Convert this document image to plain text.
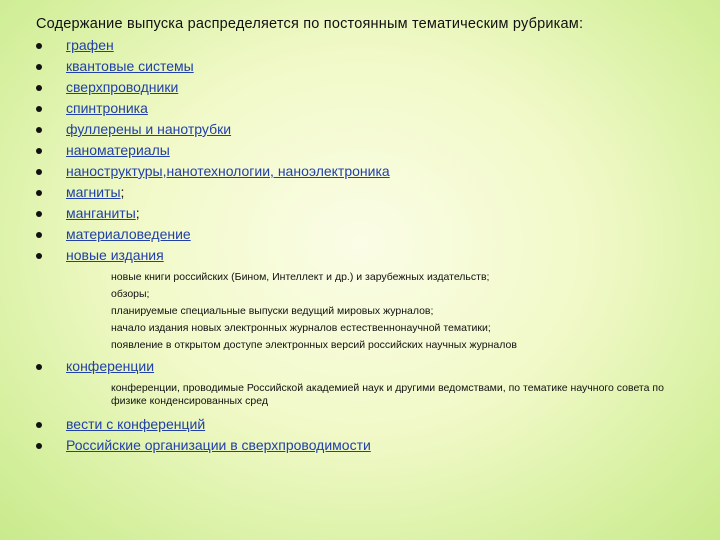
Содержание выпуска распределяется по постоянным тематическим рубрикам:
графен
квантовые системы
сверхпроводники
спинтроника
фуллерены и нанотрубки
наноматериалы
наноструктуры,нанотехнологии, наноэлектроника
магниты;
манганиты;
материаловедение
новые издания
новые книги российских (Бином, Интеллект и др.) и зарубежных издательств;
обзоры;
планируемые специальные выпуски ведущий мировых журналов;
начало издания новых электронных журналов естественнонаучной тематики;
появление в открытом доступе электронных версий российских научных журналов
конференции
конференции, проводимые Российской академией наук и другими ведомствами, по тематике научного совета по физике конденсированных сред
вести с конференций
Российские организации в сверхпроводимости
